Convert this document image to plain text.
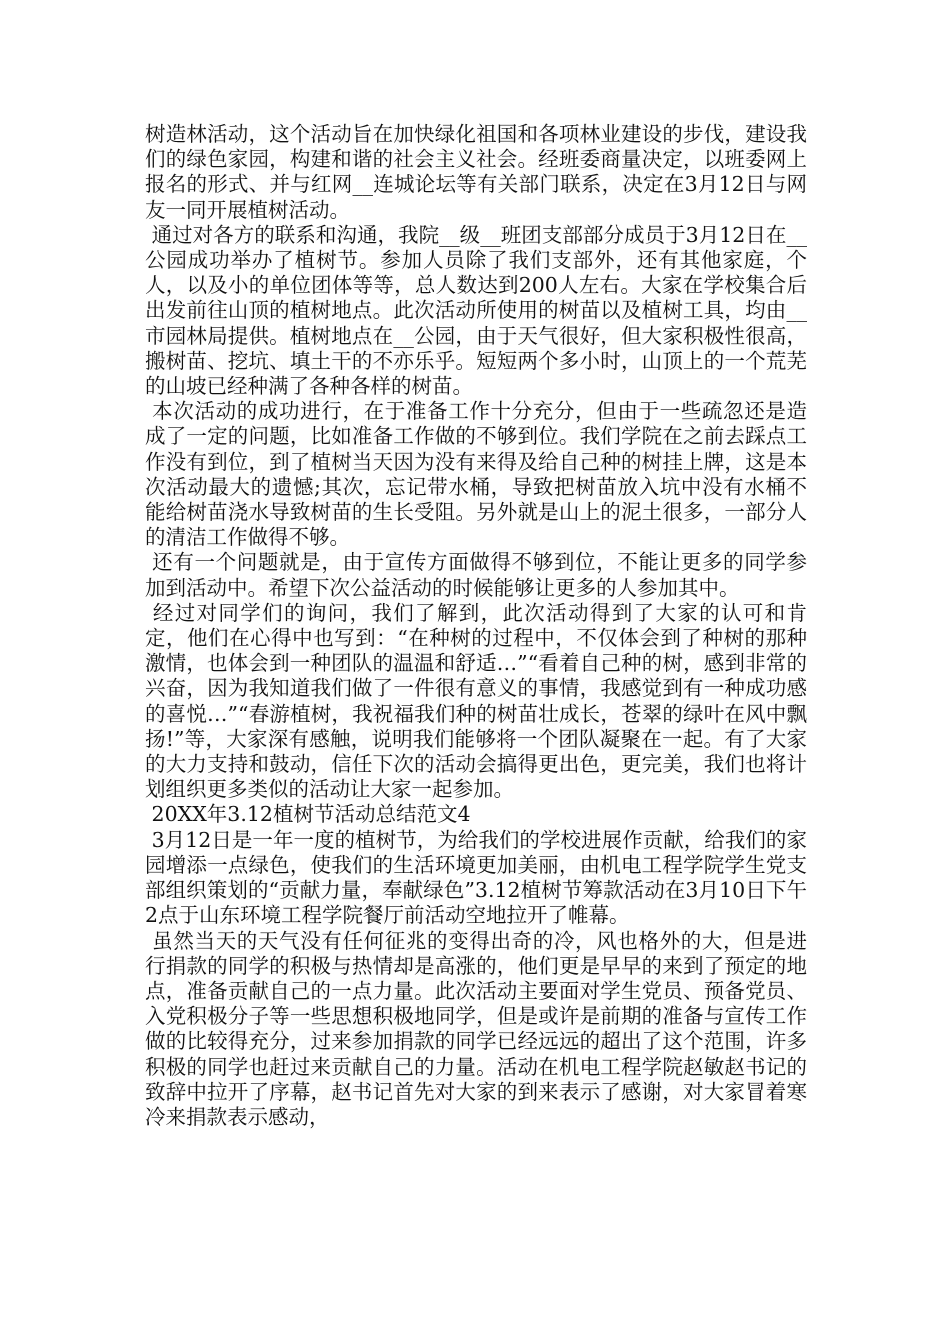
树造林活动，这个活动旨在加快绿化祖国和各项林业建设的步伐，建设我们的绿色家园，构建和谐的社会主义社会。经班委商量决定，以班委网上报名的形式、并与红网__连城论坛等有关部门联系，决定在3月12日与网友一同开展植树活动。

通过对各方的联系和沟通，我院__级__班团支部部分成员于3月12日在__公园成功举办了植树节。参加人员除了我们支部外，还有其他家庭，个人，以及小的单位团体等等，总人数达到200人左右。大家在学校集合后出发前往山顶的植树地点。此次活动所使用的树苗以及植树工具，均由__市园林局提供。植树地点在__公园，由于天气很好，但大家积极性很高，搬树苗、挖坑、填土干的不亦乐乎。短短两个多小时，山顶上的一个荒芜的山坡已经种满了各种各样的树苗。

本次活动的成功进行，在于准备工作十分充分，但由于一些疏忽还是造成了一定的问题，比如准备工作做的不够到位。我们学院在之前去踩点工作没有到位，到了植树当天因为没有来得及给自己种的树挂上牌，这是本次活动最大的遗憾;其次，忘记带水桶，导致把树苗放入坑中没有水桶不能给树苗浇水导致树苗的生长受阻。另外就是山上的泥土很多，一部分人的清洁工作做得不够。

还有一个问题就是，由于宣传方面做得不够到位，不能让更多的同学参加到活动中。希望下次公益活动的时候能够让更多的人参加其中。

经过对同学们的询问，我们了解到，此次活动得到了大家的认可和肯定，他们在心得中也写到：“在种树的过程中，不仅体会到了种树的那种激情，也体会到一种团队的温温和舒适…”“看着自己种的树，感到非常的兴奋，因为我知道我们做了一件很有意义的事情，我感觉到有一种成功感的喜悦…”“春游植树，我祝福我们种的树苗壮成长，苍翠的绿叶在风中飘扬!”等，大家深有感触，说明我们能够将一个团队凝聚在一起。有了大家的大力支持和鼓动，信任下次的活动会搞得更出色，更完美，我们也将计划组织更多类似的活动让大家一起参加。

20XX年3.12植树节活动总结范文4

3月12日是一年一度的植树节，为给我们的学校进展作贡献，给我们的家园增添一点绿色，使我们的生活环境更加美丽，由机电工程学院学生党支部组织策划的“贡献力量，奉献绿色”3.12植树节筹款活动在3月10日下午2点于山东环境工程学院餐厅前活动空地拉开了帷幕。

虽然当天的天气没有任何征兆的变得出奇的冷，风也格外的大，但是进行捐款的同学的积极与热情却是高涨的，他们更是早早的来到了预定的地点，准备贡献自己的一点力量。此次活动主要面对学生党员、预备党员、入党积极分子等一些思想积极地同学，但是或许是前期的准备与宣传工作做的比较得充分，过来参加捐款的同学已经远远的超出了这个范围，许多积极的同学也赶过来贡献自己的力量。活动在机电工程学院赵敏赵书记的致辞中拉开了序幕，赵书记首先对大家的到来表示了感谢，对大家冒着寒冷来捐款表示感动，
